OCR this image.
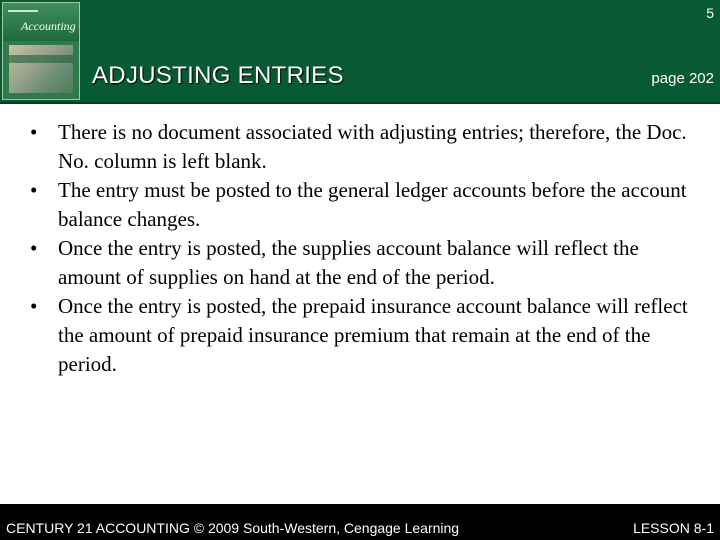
Accounting
5
ADJUSTING ENTRIES	page 202
• There is no document associated with adjusting entries; therefore, the Doc. No. column is left blank.
• The entry must be posted to the general ledger accounts before the account balance changes.
• Once the entry is posted, the supplies account balance will reflect the amount of supplies on hand at the end of the period.
• Once the entry is posted, the prepaid insurance account balance will reflect the amount of prepaid insurance premium that remain at the end of the period.
CENTURY 21 ACCOUNTING © 2009 South-Western, Cengage Learning	LESSON 8-1
